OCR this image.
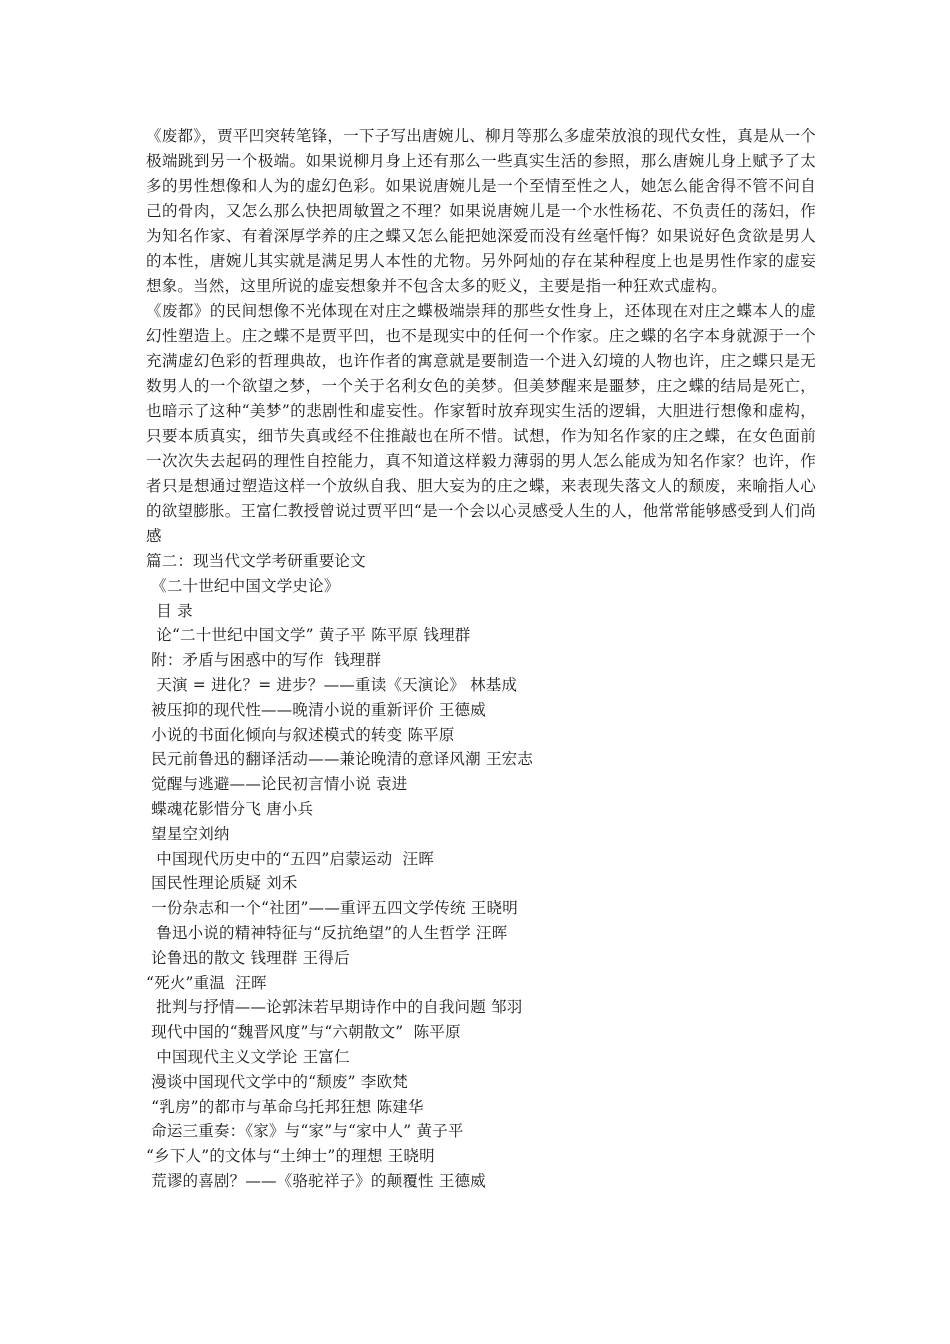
《废都》，贾平凹突转笔锋，一下子写出唐婉儿、柳月等那么多虚荣放浪的现代女性，真是从一个极端跳到另一个极端。如果说柳月身上还有那么一些真实生活的参照，那么唐婉儿身上赋予了太多的男性想像和人为的虚幻色彩。如果说唐婉儿是一个至情至性之人，她怎么能舍得不管不问自己的骨肉，又怎么那么快把周敏置之不理？如果说唐婉儿是一个水性杨花、不负责任的荡妇，作为知名作家、有着深厚学养的庄之蝶又怎么能把她深爱而没有丝毫忏悔？如果说好色贪欲是男人的本性，唐婉儿其实就是满足男人本性的尤物。另外阿灿的存在某种程度上也是男性作家的虚妄想象。当然，这里所说的虚妄想象并不包含太多的贬义，主要是指一种狂欢式虚构。

《废都》的民间想像不光体现在对庄之蝶极端崇拜的那些女性身上，还体现在对庄之蝶本人的虚幻性塑造上。庄之蝶不是贾平凹，也不是现实中的任何一个作家。庄之蝶的名字本身就源于一个充满虚幻色彩的哲理典故，也许作者的寓意就是要制造一个进入幻境的人物也许，庄之蝶只是无数男人的一个欲望之梦，一个关于名利女色的美梦。但美梦醒来是噩梦，庄之蝶的结局是死亡，也暗示了这种“美梦”的悲剧性和虚妄性。作家暂时放弃现实生活的逻辑，大胆进行想像和虚构，只要本质真实，细节失真或经不住推敲也在所不惜。试想，作为知名作家的庄之蝶，在女色面前一次次失去起码的理性自控能力，真不知道这样毅力薄弱的男人怎么能成为知名作家？也许，作者只是想通过塑造这样一个放纵自我、胆大妄为的庄之蝶，来表现失落文人的颓废，来喻指人心的欲望膨胀。王富仁教授曾说过贾平凹“是一个会以心灵感受人生的人，他常常能够感受到人们尚感

篇二：现当代文学考研重要论文

《二十世纪中国文学史论》

目 录

论“二十世纪中国文学” 黄子平 陈平原 钱理群

附：矛盾与困惑中的写作  钱理群

天演 = 进化？= 进步？——重读《天演论》 林基成

被压抑的现代性——晚清小说的重新评价 王德威

小说的书面化倾向与叙述模式的转变 陈平原

民元前鲁迅的翻译活动——兼论晚清的意译风潮 王宏志

觉醒与逃避——论民初言情小说 袁进

蝶魂花影惜分飞 唐小兵

望星空刘纳

中国现代历史中的“五四”启蒙运动  汪晖

国民性理论质疑 刘禾

一份杂志和一个“社团”——重评五四文学传统 王晓明

鲁迅小说的精神特征与“反抗绝望”的人生哲学 汪晖

论鲁迅的散文 钱理群 王得后

“死火”重温  汪晖

批判与抒情——论郭沫若早期诗作中的自我问题 邹羽

现代中国的“魏晋风度”与“六朝散文”  陈平原

中国现代主义文学论 王富仁

漫谈中国现代文学中的“颓废” 李欧梵

“乳房”的都市与革命乌托邦狂想 陈建华

命运三重奏：《家》与“家”与“家中人” 黄子平

“乡下人”的文体与“土绅士”的理想 王晓明

荒谬的喜剧？——《骆驼祥子》的颠覆性 王德威
